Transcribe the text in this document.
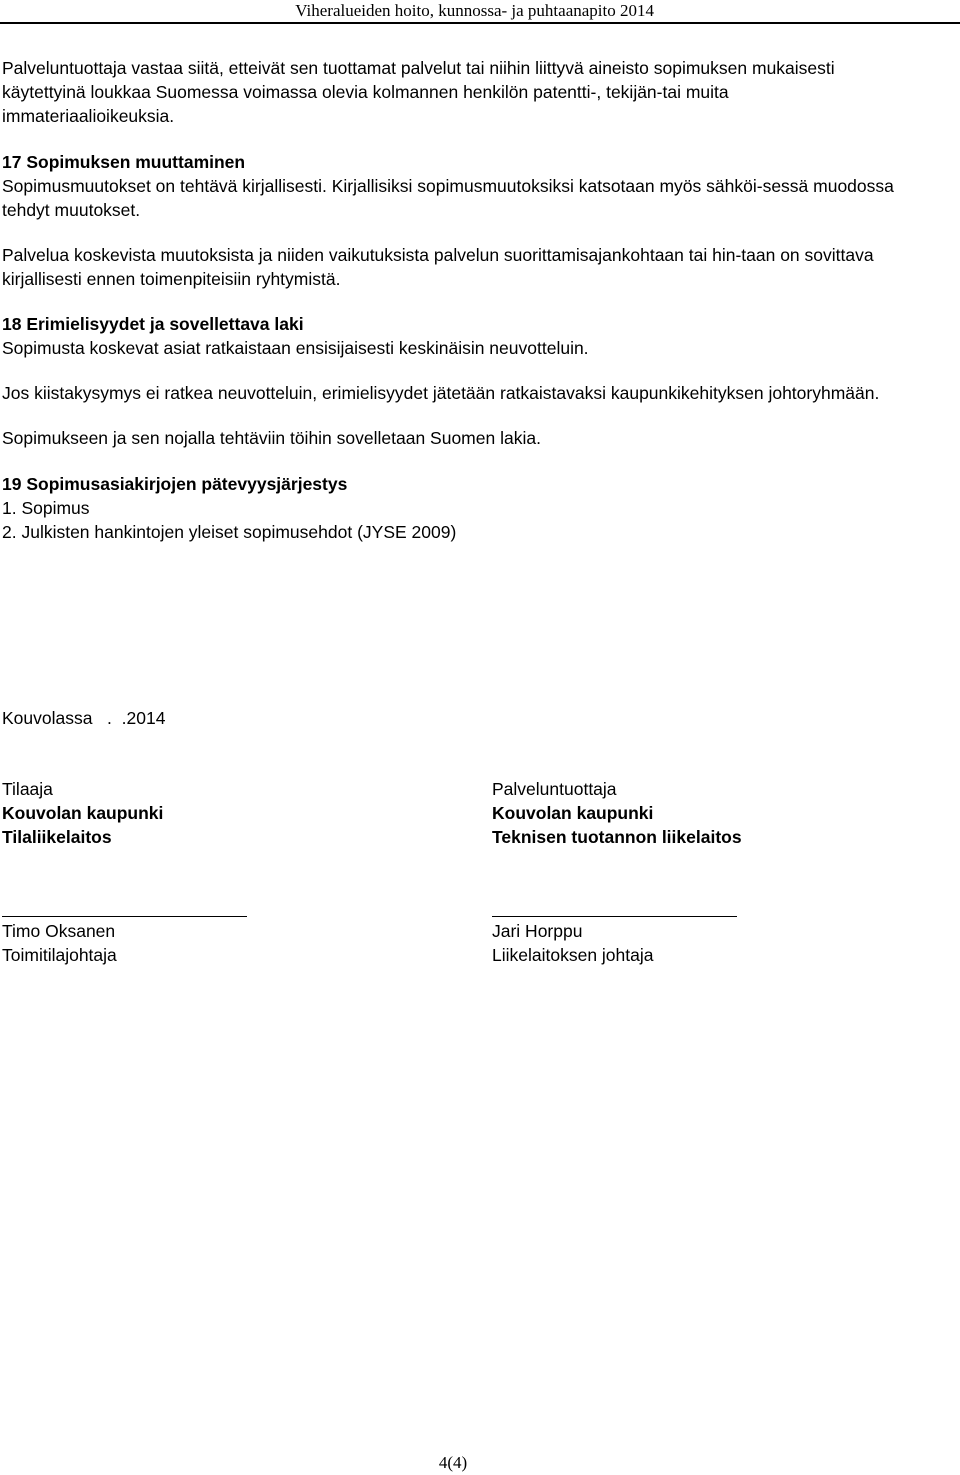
Viheralueiden hoito, kunnossa- ja puhtaanapito 2014

Palveluntuottaja vastaa siitä, etteivät sen tuottamat palvelut tai niihin liittyvä aineisto sopimuksen mukaisesti käytettyinä loukkaa Suomessa voimassa olevia kolmannen henkilön patentti-, tekijän-tai muita immateriaalioikeuksia.

17 Sopimuksen muuttaminen

Sopimusmuutokset on tehtävä kirjallisesti. Kirjallisiksi sopimusmuutoksiksi katsotaan myös sähköi-sessä muodossa tehdyt muutokset.

Palvelua koskevista muutoksista ja niiden vaikutuksista palvelun suorittamisajankohtaan tai hin-taan on sovittava kirjallisesti ennen toimenpiteisiin ryhtymistä.

18 Erimielisyydet ja sovellettava laki

Sopimusta koskevat asiat ratkaistaan ensisijaisesti keskinäisin neuvotteluin.

Jos kiistakysymys ei ratkea neuvotteluin, erimielisyydet jätetään ratkaistavaksi kaupunkikehityksen johtoryhmään.

Sopimukseen ja sen nojalla tehtäviin töihin sovelletaan Suomen lakia.

19 Sopimusasiakirjojen pätevyysjärjestys
1. Sopimus
2. Julkisten hankintojen yleiset sopimusehdot (JYSE 2009)
Kouvolassa   .  .2014
Tilaaja
Kouvolan kaupunki
Tilaliikelaitos
Palveluntuottaja
Kouvolan kaupunki
Teknisen tuotannon liikelaitos
Timo Oksanen
Toimitilajohtaja
Jari Horppu
Liikelaitoksen johtaja
4(4)
